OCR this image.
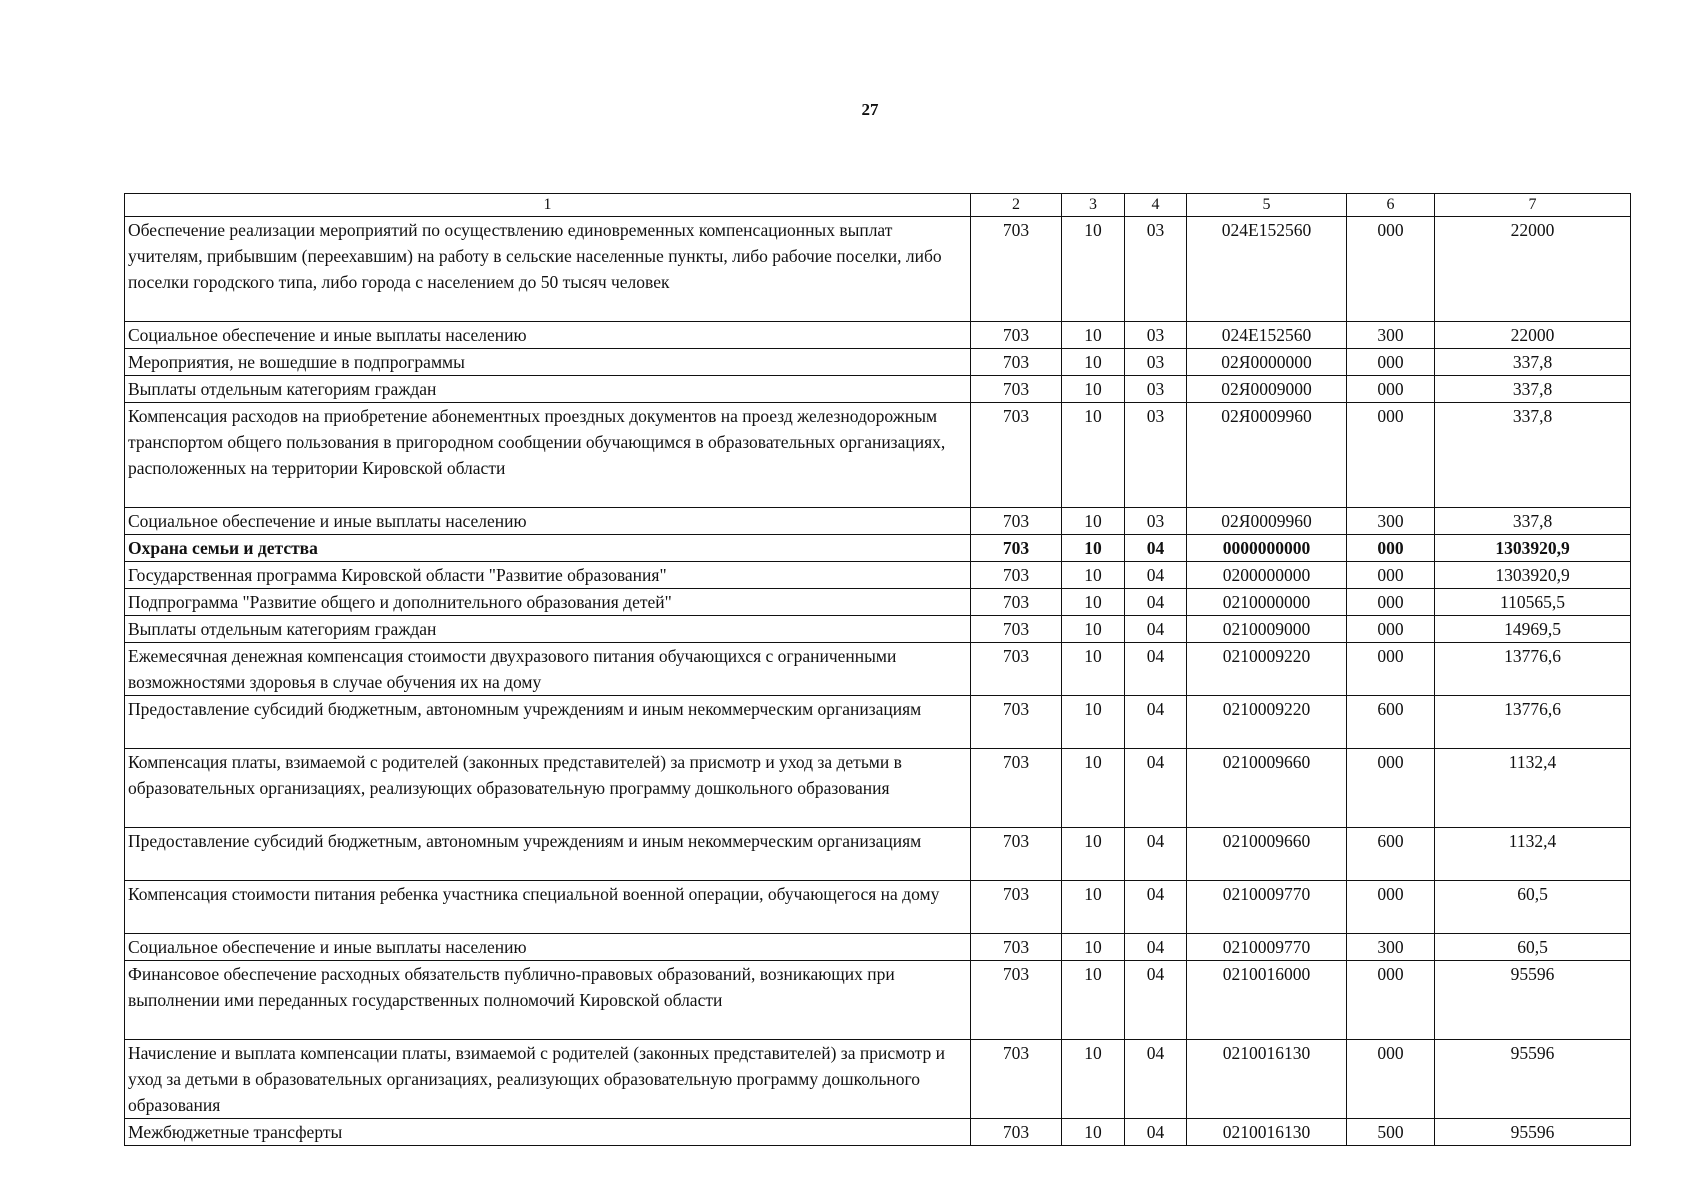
27
1	2	3	4	5	6	7
Обеспечение реализации мероприятий по осуществлению единовременных компенсационных выплат учителям, прибывшим (переехавшим) на работу в сельские населенные пункты, либо рабочие поселки, либо поселки городского типа, либо города с населением до 50 тысяч человек	703	10	03	024Е152560	000	22000
Социальное обеспечение и иные выплаты населению	703	10	03	024Е152560	300	22000
Мероприятия, не вошедшие в подпрограммы	703	10	03	02Я0000000	000	337,8
Выплаты отдельным категориям граждан	703	10	03	02Я0009000	000	337,8
Компенсация расходов на приобретение абонементных проездных документов на проезд железнодорожным транспортом общего пользования в пригородном сообщении обучающимся в образовательных организациях, расположенных на территории Кировской области	703	10	03	02Я0009960	000	337,8
Социальное обеспечение и иные выплаты населению	703	10	03	02Я0009960	300	337,8
Охрана семьи и детства	703	10	04	0000000000	000	1303920,9
Государственная программа Кировской области "Развитие образования"	703	10	04	0200000000	000	1303920,9
Подпрограмма "Развитие общего и дополнительного образования детей"	703	10	04	0210000000	000	110565,5
Выплаты отдельным категориям граждан	703	10	04	0210009000	000	14969,5
Ежемесячная денежная компенсация стоимости двухразового питания обучающихся с ограниченными возможностями здоровья в случае обучения их на дому	703	10	04	0210009220	000	13776,6
Предоставление субсидий бюджетным, автономным учреждениям и иным некоммерческим организациям	703	10	04	0210009220	600	13776,6
Компенсация платы, взимаемой с родителей (законных представителей) за присмотр и уход за детьми в образовательных организациях, реализующих образовательную программу дошкольного образования	703	10	04	0210009660	000	1132,4
Предоставление субсидий бюджетным, автономным учреждениям и иным некоммерческим организациям	703	10	04	0210009660	600	1132,4
Компенсация стоимости питания ребенка участника специальной военной операции, обучающегося на дому	703	10	04	0210009770	000	60,5
Социальное обеспечение и иные выплаты населению	703	10	04	0210009770	300	60,5
Финансовое обеспечение расходных обязательств публично-правовых образований, возникающих при выполнении ими переданных государственных полномочий Кировской области	703	10	04	0210016000	000	95596
Начисление и выплата компенсации платы, взимаемой с родителей (законных представителей) за присмотр и уход за детьми в образовательных организациях, реализующих образовательную программу дошкольного образования	703	10	04	0210016130	000	95596
Межбюджетные трансферты	703	10	04	0210016130	500	95596
